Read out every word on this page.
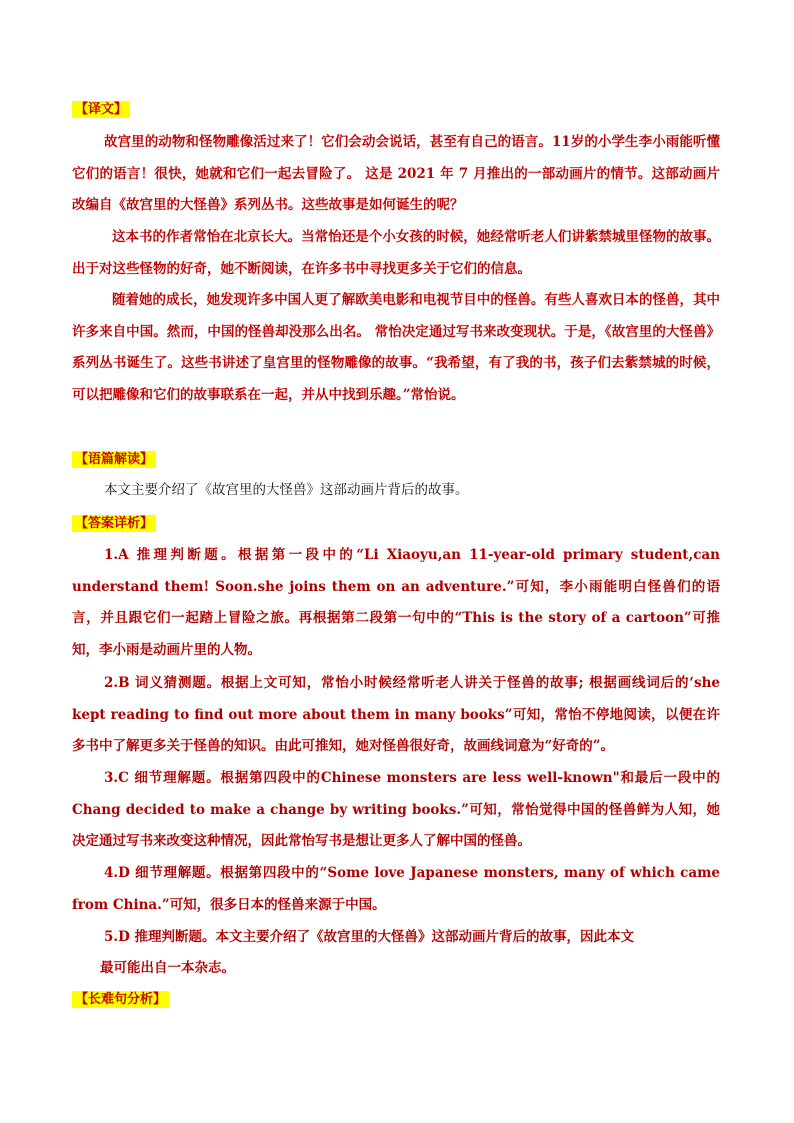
【译文】
故宫里的动物和怪物雕像活过来了！它们会动会说话，甚至有自己的语言。11岁的小学生李小雨能听懂它们的语言！很快，她就和它们一起去冒险了。 这是 2021 年 7 月推出的一部动画片的情节。这部动画片改编自《故宫里的大怪兽》系列丛书。这些故事是如何诞生的呢？
这本书的作者常怡在北京长大。当常怡还是个小女孩的时候，她经常听老人们讲紫禁城里怪物的故事。出于对这些怪物的好奇，她不断阅读，在许多书中寻找更多关于它们的信息。
随着她的成长，她发现许多中国人更了解欧美电影和电视节目中的怪兽。有些人喜欢日本的怪兽，其中许多来自中国。然而，中国的怪兽却没那么出名。 常怡决定通过写书来改变现状。于是，《故宫里的大怪兽》系列丛书诞生了。这些书讲述了皇宫里的怪物雕像的故事。“我希望，有了我的书，孩子们去紫禁城的时候，可以把雕像和它们的故事联系在一起，并从中找到乐趣。”常怡说。
【语篇解读】
本文主要介绍了《故宫里的大怪兽》这部动画片背后的故事。
【答案详析】
1.A 推理判断题。根据第一段中的“Li Xiaoyu,an 11-year-old primary student,can understand them! Soon.she joins them on an adventure.”可知，李小雨能明白怪兽们的语言，并且跟它们一起踏上冒险之旅。再根据第二段第一句中的“This is the story of a cartoon”可推知，李小雨是动画片里的人物。
2.B 词义猜测题。根据上文可知，常怡小时候经常听老人讲关于怪兽的故事; 根据画线词后的‘she kept reading to find out more about them in many books”可知，常怡不停地阅读，以便在许多书中了解更多关于怪兽的知识。由此可推知，她对怪兽很好奇，故画线词意为“好奇的”。
3.C 细节理解题。根据第四段中的Chinese monsters are less well-known"和最后一段中的Chang decided to make a change by writing books.”可知，常怡觉得中国的怪兽鲜为人知，她决定通过写书来改变这种情况，因此常怡写书是想让更多人了解中国的怪兽。
4.D 细节理解题。根据第四段中的“Some love Japanese monsters, many of which came from China.”可知，很多日本的怪兽来源于中国。
5.D 推理判断题。本文主要介绍了《故宫里的大怪兽》这部动画片背后的故事，因此本文
最可能出自一本杂志。
【长难句分析】
